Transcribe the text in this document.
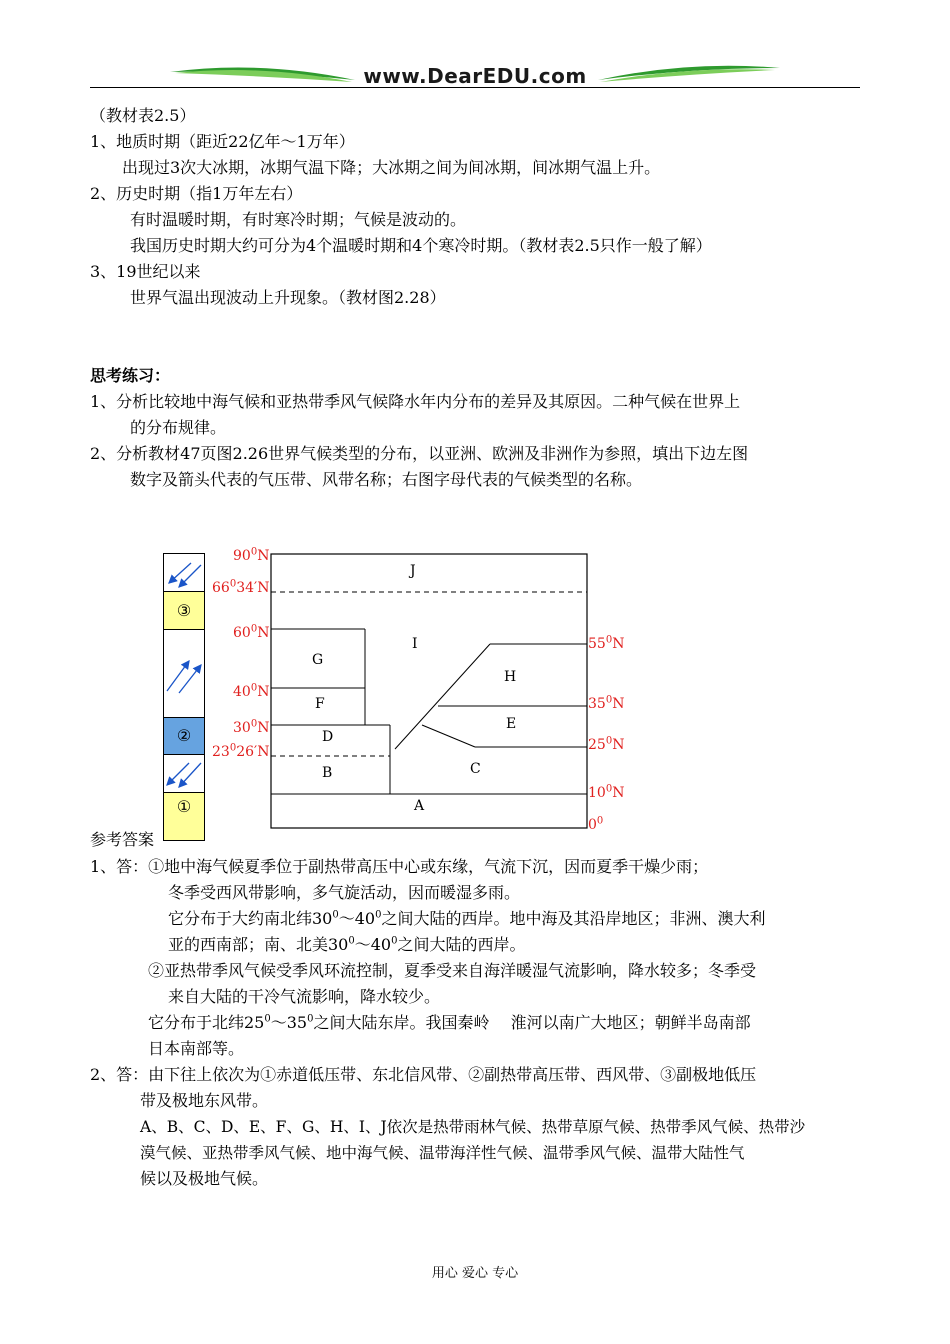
www.DearEDU.com
（教材表2.5）
1、地质时期（距近22亿年～1万年）
出现过3次大冰期，冰期气温下降；大冰期之间为间冰期，间冰期气温上升。
2、历史时期（指1万年左右）
有时温暖时期，有时寒冷时期；气候是波动的。
我国历史时期大约可分为4个温暖时期和4个寒冷时期。（教材表2.5只作一般了解）
3、19世纪以来
世界气温出现波动上升现象。（教材图2.28）
思考练习：
1、分析比较地中海气候和亚热带季风气候降水年内分布的差异及其原因。二种气候在世界上
的分布规律。
2、分析教材47页图2.26世界气候类型的分布，以亚洲、欧洲及非洲作为参照，填出下边左图
数字及箭头代表的气压带、风带名称；右图字母代表的气候类型的名称。
③
②
①
J
I
G
H
F
E
D
C
B
A
$90^0N$
$66^034'N$
$60^0N$
$40^0N$
$30^0N$
$23^026'N$
$55^0N$
$35^0N$
$25^0N$
$10^0N$
$0^0$
参考答案
1、答：①地中海气候夏季位于副热带高压中心或东缘，气流下沉，因而夏季干燥少雨；
冬季受西风带影响，多气旋活动，因而暖湿多雨。
它分布于大约南北纬$30^0\sim 40^0$之间大陆的西岸。地中海及其沿岸地区；非洲、澳大利
亚的西南部；南、北美$30^0\sim 40^0$之间大陆的西岸。
②亚热带季风气候受季风环流控制，夏季受来自海洋暖湿气流影响，降水较多；冬季受
来自大陆的干冷气流影响，降水较少。
它分布于北纬$25^0\sim 35^0$之间大陆东岸。我国秦岭　 淮河以南广大地区；朝鲜半岛南部
日本南部等。
2、答：由下往上依次为①赤道低压带、东北信风带、②副热带高压带、西风带、③副极地低压
带及极地东风带。
A、B、C、D、E、F、G、H、I、J依次是热带雨林气候、热带草原气候、热带季风气候、热带沙
漠气候、亚热带季风气候、地中海气候、温带海洋性气候、温带季风气候、温带大陆性气
候以及极地气候。
用心 爱心 专心
